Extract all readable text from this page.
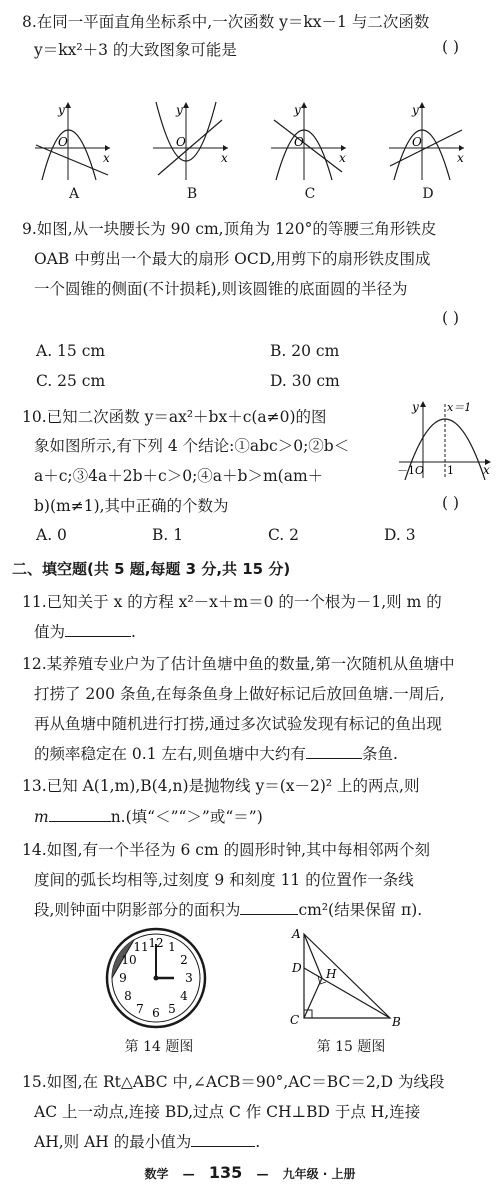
8.在同一平面直角坐标系中,一次函数 y＝kx－1 与二次函数
y＝kx²＋3 的大致图象可能是	( )
y
x
O
y
x
O
y
x
O
y
x
O
A	B	C	D
9.如图,从一块腰长为 90 cm,顶角为 120°的等腰三角形铁皮
OAB 中剪出一个最大的扇形 OCD,用剪下的扇形铁皮围成
一个圆锥的侧面(不计损耗),则该圆锥的底面圆的半径为
( )
A. 15 cm	B. 20 cm
C. 25 cm	D. 30 cm
10.已知二次函数 y＝ax²＋bx＋c(a≠0)的图
象如图所示,有下列 4 个结论:①abc＞0;②b＜
a＋c;③4a＋2b＋c＞0;④a＋b＞m(am＋
b)(m≠1),其中正确的个数为	( )
A. 0	B. 1	C. 2	D. 3
y
x
x＝1
O
－1	1
二、填空题(共 5 题,每题 3 分,共 15 分)
11.已知关于 x 的方程 x²－x＋m＝0 的一个根为－1,则 m 的
值为	.
12.某养殖专业户为了估计鱼塘中鱼的数量,第一次随机从鱼塘中
打捞了 200 条鱼,在每条鱼身上做好标记后放回鱼塘.一周后,
再从鱼塘中随机进行打捞,通过多次试验发现有标记的鱼出现
的频率稳定在 0.1 左右,则鱼塘中大约有	条鱼.
13.已知 A(1,m),B(4,n)是抛物线 y＝(x－2)² 上的两点,则
m	n.(填“＜”“＞”或“＝”)
14.如图,有一个半径为 6 cm 的圆形时钟,其中每相邻两个刻
度间的弧长均相等,过刻度 9 和刻度 11 的位置作一条线
段,则钟面中阴影部分的面积为	cm²(结果保留 π).
12 1
2
3
4
5
6
7
8
9
10
11
第 14 题图
A
D H
C	B
第 15 题图
15.如图,在 Rt△ABC 中,∠ACB＝90°,AC＝BC＝2,D 为线段
AC 上一动点,连接 BD,过点 C 作 CH⊥BD 于点 H,连接
AH,则 AH 的最小值为	.
数学 — 135 — 九年级 · 上册
